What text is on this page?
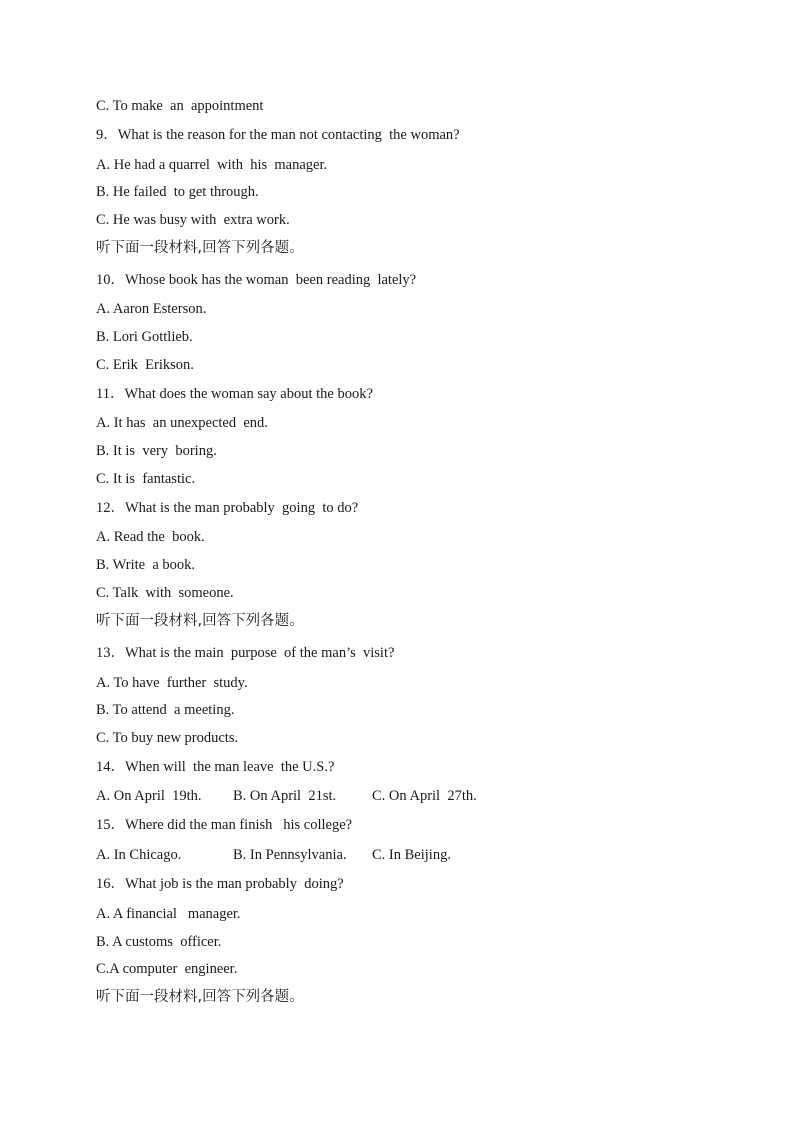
C. To make  an  appointment
9．What is the reason for the man not contacting  the woman?
A. He had a quarrel  with  his  manager.
B. He failed  to get through.
C. He was busy with  extra work.
听下面一段材料,回答下列各题。
10．Whose book has the woman  been reading  lately?
A. Aaron Esterson.
B. Lori Gottlieb.
C. Erik  Erikson.
11．What does the woman say about the book?
A. It has  an unexpected  end.
B. It is  very  boring.
C. It is  fantastic.
12．What is the man probably  going  to do?
A. Read the  book.
B. Write  a book.
C. Talk  with  someone.
听下面一段材料,回答下列各题。
13．What is the main  purpose  of the man’s  visit?
A. To have  further  study.
B. To attend  a meeting.
C. To buy new products.
14．When will  the man leave  the U.S.?

A. On April  19th.

B. On April  21st.

C. On April  27th.

15．Where did the man finish   his college?

A. In Chicago.

	B. In Pennsylvania.

C. In Beijing.

16．What job is the man probably  doing?
A. A financial   manager.
B. A customs  officer.
C.A computer  engineer.
听下面一段材料,回答下列各题。
